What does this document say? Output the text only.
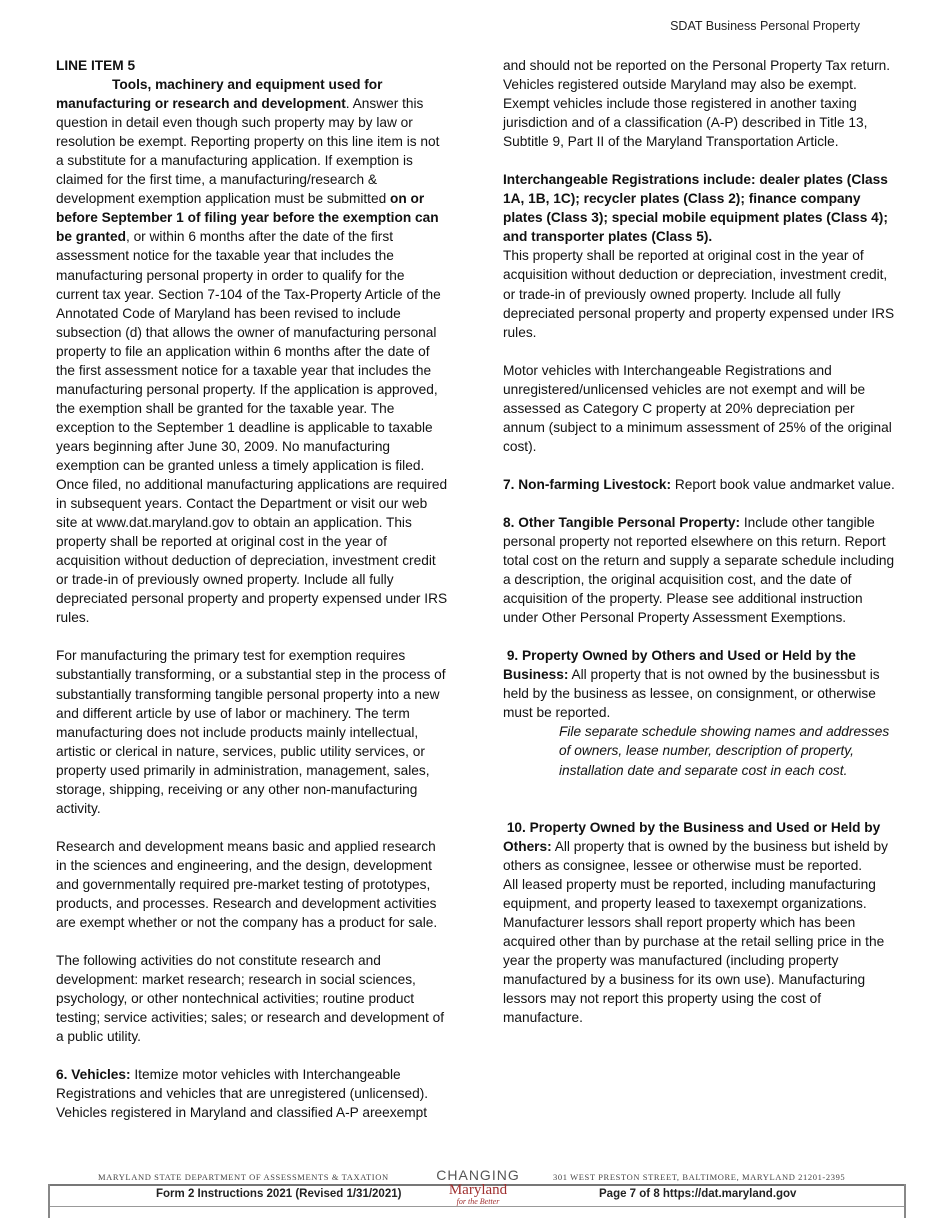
SDAT Business Personal Property

LINE ITEM 5

Tools, machinery and equipment used for manufacturing or research and development. Answer this question in detail even though such property may by law or resolution be exempt. Reporting property on this line item is not a substitute for a manufacturing application. If exemption is claimed for the first time, a manufacturing/research & development exemption application must be submitted on or before September 1 of filing year before the exemption can be granted, or within 6 months after the date of the first assessment notice for the taxable year that includes the manufacturing personal property in order to qualify for the current tax year. Section 7-104 of the Tax-Property Article of the Annotated Code of Maryland has been revised to include subsection (d) that allows the owner of manufacturing personal property to file an application within 6 months after the date of the first assessment notice for a taxable year that includes the manufacturing personal property. If the application is approved, the exemption shall be granted for the taxable year. The exception to the September 1 deadline is applicable to taxable years beginning after June 30, 2009. No manufacturing exemption can be granted unless a timely application is filed. Once filed, no additional manufacturing applications are required in subsequent years. Contact the Department or visit our web site at www.dat.maryland.gov to obtain an application. This property shall be reported at original cost in the year of acquisition without deduction of depreciation, investment credit or trade-in of previously owned property. Include all fully depreciated personal property and property expensed under IRS rules.

For manufacturing the primary test for exemption requires substantially transforming, or a substantial step in the process of substantially transforming tangible personal property into a new and different article by use of labor or machinery. The term manufacturing does not include products mainly intellectual, artistic or clerical in nature, services, public utility services, or property used primarily in administration, management, sales, storage, shipping, receiving or any other non-manufacturing activity.

Research and development means basic and applied research in the sciences and engineering, and the design, development and governmentally required pre-market testing of prototypes, products, and processes. Research and development activities are exempt whether or not the company has a product for sale.

The following activities do not constitute research and development: market research; research in social sciences, psychology, or other nontechnical activities; routine product testing; service activities; sales; or research and development of a public utility.

6. Vehicles: Itemize motor vehicles with Interchangeable Registrations and vehicles that are unregistered (unlicensed). Vehicles registered in Maryland and classified A-P areexempt

and should not be reported on the Personal Property Tax return. Vehicles registered outside Maryland may also be exempt. Exempt vehicles include those registered in another taxing jurisdiction and of a classification (A-P) described in Title 13, Subtitle 9, Part II of the Maryland Transportation Article.

Interchangeable Registrations include: dealer plates (Class 1A, 1B, 1C); recycler plates (Class 2); finance company plates (Class 3); special mobile equipment plates (Class 4); and transporter plates (Class 5).

This property shall be reported at original cost in the year of acquisition without deduction or depreciation, investment credit, or trade-in of previously owned property. Include all fully depreciated personal property and property expensed under IRS rules.

Motor vehicles with Interchangeable Registrations and unregistered/unlicensed vehicles are not exempt and will be assessed as Category C property at 20% depreciation per annum (subject to a minimum assessment of 25% of the original cost).

7. Non-farming Livestock: Report book value andmarket value.

8. Other Tangible Personal Property: Include other tangible personal property not reported elsewhere on this return. Report total cost on the return and supply a separate schedule including a description, the original acquisition cost, and the date of acquisition of the property. Please see additional instruction under Other Personal Property Assessment Exemptions.

9. Property Owned by Others and Used or Held by the Business: All property that is not owned by the businessbut is held by the business as lessee, on consignment, or otherwise must be reported.

File separate schedule showing names and addresses of owners, lease number, description of property, installation date and separate cost in each cost.

10. Property Owned by the Business and Used or Held by Others: All property that is owned by the business but isheld by others as consignee, lessee or otherwise must be reported.

All leased property must be reported, including manufacturing equipment, and property leased to taxexempt organizations.

Manufacturer lessors shall report property which has been acquired other than by purchase at the retail selling price in the year the property was manufactured (including property manufactured by a business for its own use). Manufacturing lessors may not report this property using the cost of manufacture.

MARYLAND STATE DEPARTMENT OF ASSESSMENTS & TAXATION	301 WEST PRESTON STREET, BALTIMORE, MARYLAND 21201-2395
Form 2 Instructions 2021 (Revised 1/31/2021)	Page 7 of 8 https://dat.maryland.gov
CHANGING
Maryland
for the Better
